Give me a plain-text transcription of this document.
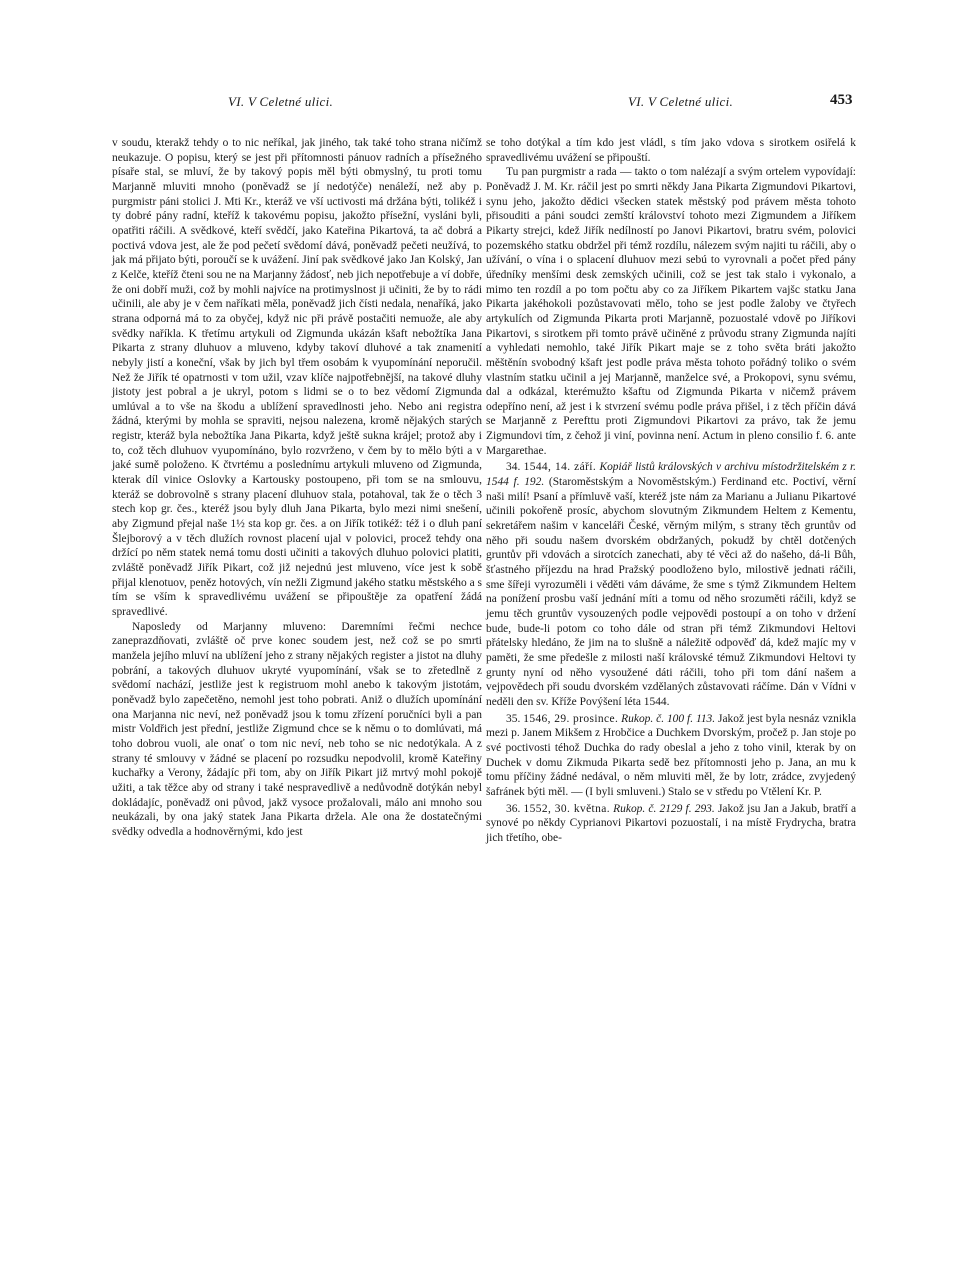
VI. V Celetné ulici.	VI. V Celetné ulici.	453

v soudu, kterakž tehdy o to nic neříkal, jak jiného, tak také toho strana ničímž neukazuje. O popisu, který se jest při přítomnosti pánuov radních a přísežného písaře stal, se mluví, že by takový popis měl býti obmyslný, tu proti tomu Marjanně mluviti mnoho (poněvadž se jí nedotýče) nenáleží, než aby p. purgmistr páni stolici J. Mti Kr., kteráž ve vší uctivosti má držána býti, tolikéž i ty dobré pány radní, kteříž k takovému popisu, jakožto přísežní, vysláni byli, opatřiti ráčili. A svědkové, kteří svědčí, jako Kateřina Pikartová, ta ač dobrá a poctivá vdova jest, ale že pod pečetí svědomí dává, poněvadž pečeti neužívá, to jak má přijato býti, poroučí se k uvážení. Jiní pak svědkové jako Jan Kolský, Jan z Kelče, kteříž čteni sou ne na Marjanny žádosť, neb jich nepotřebuje a ví dobře, že oni dobří muži, což by mohli najvíce na protimyslnost ji učiniti, že by to rádi učinili, ale aby je v čem naříkati měla, poněvadž jich čísti nedala, nenaříká, jako strana odporná má to za obyčej, když nic při právě postačiti nemuože, ale aby svědky naříkla. K třetímu artykuli od Zigmunda ukázán kšaft nebožtíka Jana Pikarta z strany dluhuov a mluveno, kdyby takoví dluhové a tak znamenití nebyly jistí a koneční, však by jich byl třem osobám k vyupomínání neporučil. Než že Jiřík té opatrnosti v tom užil, vzav klíče najpotřebnější, na takové dluhy jistoty jest pobral a je ukryl, potom s lidmi se o to bez vědomí Zigmunda umlúval a to vše na škodu a ublížení spravedlnosti jeho. Nebo ani registra žádná, kterými by mohla se spraviti, nejsou nalezena, kromě nějakých starých registr, kteráž byla nebožtíka Jana Pikarta, když ještě sukna krájel; protož aby i to, což těch dluhuov vyupomínáno, bylo rozvrženo, v čem by to mělo býti a v jaké sumě položeno. K čtvrtému a poslednímu artykuli mluveno od Zigmunda, kterak díl vinice Oslovky a Kartousky postoupeno, při tom se na smlouvu, kteráž se dobrovolně s strany placení dluhuov stala, potahoval, tak že o těch 3 stech kop gr. čes., kteréž jsou byly dluh Jana Pikarta, bylo mezi nimi snešení, aby Zigmund přejal naše 1½ sta kop gr. čes. a on Jiřík totikéž: též i o dluh paní Šlejborový a v těch dlužích rovnost placení ujal v polovici, procež tehdy ona držící po něm statek nemá tomu dosti učiniti a takových dluhuo polovici platiti, zvláště poněvadž Jiřík Pikart, což již nejednú jest mluveno, více jest k sobě přijal klenotuov, peněz hotových, vín nežli Zigmund jakého statku městského a s tím se vším k spravedlivému uvážení se připouštěje za opatření žádá spravedlivé.

Naposledy od Marjanny mluveno: Daremními řečmi nechce zaneprazdňovati, zvláště oč prve konec soudem jest, než což se po smrti manžela jejího mluví na ublížení jeho z strany nějakých register a jistot na dluhy pobrání, a takových dluhuov ukryté vyupomínání, však se to zřetedlně z svědomí nachází, jestliže jest k registruom mohl anebo k takovým jistotám, poněvadž bylo zapečetěno, nemohl jest toho pobrati. Aniž o dlužích upomínání ona Marjanna nic neví, než poněvadž jsou k tomu zřízení poručníci byli a pan mistr Voldřich jest přední, jestliže Zigmund chce se k němu o to domlúvati, má toho dobrou vuoli, ale onať o tom nic neví, neb toho se nic nedotýkala. A z strany té smlouvy v žádné se placení po rozsudku nepodvolil, kromě Kateřiny kuchařky a Verony, žádajíc při tom, aby on Jiřík Pikart již mrtvý mohl pokojě užiti, a tak těžce aby od strany i také nespravedlivě a nedůvodně dotýkán nebyl dokládajíc, poněvadž oni původ, jakž vysoce prožalovali, málo ani mnoho sou neukázali, by ona jaký statek Jana Pikarta držela. Ale ona že dostatečnými svědky odvedla a hodnověrnými, kdo jest

se toho dotýkal a tím kdo jest vládl, s tím jako vdova s sirotkem osiřelá k spravedlivému uvážení se připouští.

Tu pan purgmistr a rada — takto o tom nalézají a svým ortelem vypovídají: Poněvadž J. M. Kr. ráčil jest po smrti někdy Jana Pikarta Zigmundovi Pikartovi, synu jeho, jakožto dědici všecken statek městský pod právem města tohoto přisouditi a páni soudci zemští království tohoto mezi Zigmundem a Jiříkem Pikarty strejci, kdež Jiřík nedílností po Janovi Pikartovi, bratru svém, polovici pozemského statku obdržel při témž rozdílu, nálezem svým najiti tu ráčili, aby o užívání, o vína i o splacení dluhuov mezi sebú to vyrovnali a počet před pány úředníky menšími desk zemských učinili, což se jest tak stalo i vykonalo, a mimo ten rozdíl a po tom počtu aby co za Jiříkem Pikartem vajšc statku Jana Pikarta jakéhokoli pozůstavovati mělo, toho se jest podle žaloby ve čtyřech artykulích od Zigmunda Pikarta proti Marjanně, pozuostalé vdově po Jiříkovi Pikartovi, s sirotkem při tomto právě učiněné z průvodu strany Zigmunda najíti a vyhledati nemohlo, také Jiřík Pikart maje se z toho světa bráti jakožto měštěnín svobodný kšaft jest podle práva města tohoto pořádný toliko o svém vlastním statku učinil a jej Marjanně, manželce své, a Prokopovi, synu svému, dal a odkázal, kterémužto kšaftu od Zigmunda Pikarta v ničemž právem odepříno není, až jest i k stvrzení svému podle práva přišel, i z těch příčin dává se Marjanně z Perefttu proti Zigmundovi Pikartovi za právo, tak že jemu Zigmundovi tím, z čehož ji viní, povinna není. Actum in pleno consilio f. 6. ante Margarethae.

34. 1544, 14. září. Kopiář listů královských v archivu místodržitelském z r. 1544 f. 192. (Staroměstským a Novoměstským.) Ferdinand etc. Poctiví, věrní naši milí! Psaní a přímluvě vaší, kteréž jste nám za Marianu a Julianu Pikartové učinili pokořeně prosíc, abychom slovutným Zikmundem Heltem z Kementu, sekretářem našim v kanceláři České, věrným milým, s strany těch gruntův od něho při soudu našem dvorském obdržaných, pokudž by chtěl dotčených gruntův při vdovách a sirotcích zanechati, aby té věci až do našeho, dá-li Bůh, šťastného příjezdu na hrad Pražský poodloženo bylo, milostivě jednati ráčili, sme šířeji vyrozuměli i věděti vám dáváme, že sme s týmž Zikmundem Heltem na ponížení prosbu vaší jednání míti a tomu od něho srozuměti ráčili, když se jemu těch gruntův vysouzených podle vejpovědi postoupí a on toho v držení bude, bude-li potom co toho dále od stran při témž Zikmundovi Heltovi přátelsky hledáno, že jim na to slušně a náležitě odpověď dá, kdež majíc my v paměti, že sme předešle z milosti naší královské témuž Zikmundovi Heltovi ty grunty nyní od něho vysoužené dáti ráčili, toho při tom dání našem a vejpovědech při soudu dvorském vzdělaných zůstavovati ráčíme. Dán v Vídni v neděli den sv. Kříže Povýšení léta 1544.

35. 1546, 29. prosince. Rukop. č. 100 f. 113. Jakož jest byla nesnáz vznikla mezi p. Janem Mikšem z Hrobčice a Duchkem Dvorským, pročež p. Jan stoje po své poctivosti téhož Duchka do rady obeslal a jeho z toho vinil, kterak by on Duchek v domu Zikmuda Pikarta sedě bez přítomnosti jeho p. Jana, an mu k tomu příčiny žádné nedával, o něm mluviti měl, že by lotr, zrádce, zvyjedený šafránek býti měl. — (I byli smluveni.) Stalo se v středu po Vtělení Kr. P.

36. 1552, 30. května. Rukop. č. 2129 f. 293. Jakož jsu Jan a Jakub, bratří a synové po někdy Cyprianovi Pikartovi pozuostalí, i na místě Frydrycha, bratra jich třetího, obe-
